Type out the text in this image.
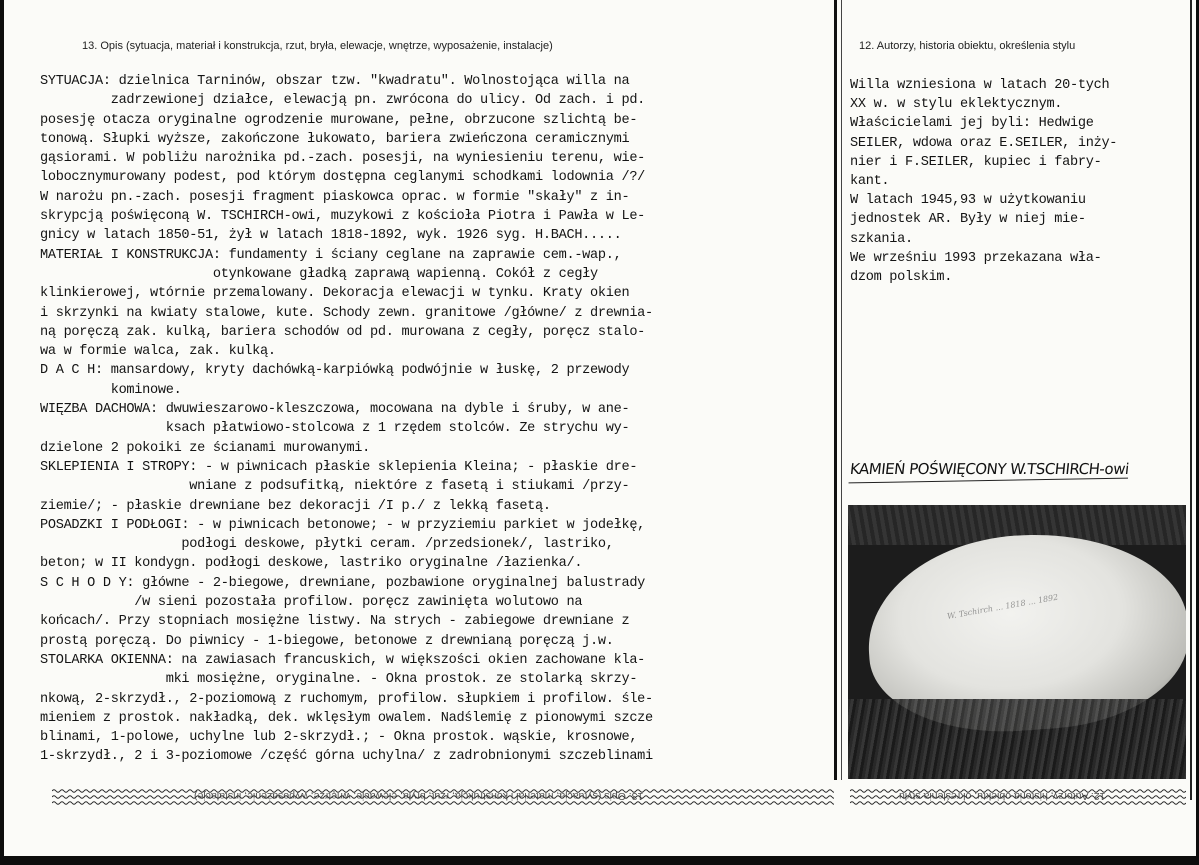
13. Opis (sytuacja, materiał i konstrukcja, rzut, bryła, elewacje, wnętrze, wyposażenie, instalacje)	12. Autorzy, historia obiektu, określenia stylu
SYTUACJA: dzielnica Tarninów, obszar tzw. "kwadratu". Wolnostojąca willa na
zadrzewionej działce, elewacją pn. zwrócona do ulicy. Od zach. i pd.
posesję otacza oryginalne ogrodzenie murowane, pełne, obrzucone szlichtą be-
tonową. Słupki wyższe, zakończone łukowato, bariera zwieńczona ceramicznymi
gąsiorami. W pobliżu narożnika pd.-zach. posesji, na wyniesieniu terenu, wie-
lobocznymurowany podest, pod którym dostępna ceglanymi schodkami lodownia /?/
W narożu pn.-zach. posesji fragment piaskowca oprac. w formie "skały" z in-
skrypcją poświęconą W. TSCHIRCH-owi, muzykowi z kościoła Piotra i Pawła w Le-
gnicy w latach 1850-51, żył w latach 1818-1892, wyk. 1926 syg. H.BACH.....
MATERIAŁ I KONSTRUKCJA: fundamenty i ściany ceglane na zaprawie cem.-wap.,
otynkowane gładką zaprawą wapienną. Cokół z cegły
klinkierowej, wtórnie przemalowany. Dekoracja elewacji w tynku. Kraty okien
i skrzynki na kwiaty stalowe, kute. Schody zewn. granitowe /główne/ z drewnia-
ną poręczą zak. kulką, bariera schodów od pd. murowana z cegły, poręcz stalo-
wa w formie walca, zak. kulką.
D A C H: mansardowy, kryty dachówką-karpiówką podwójnie w łuskę, 2 przewody
kominowe.
WIĘZBA DACHOWA: dwuwieszarowo-kleszczowa, mocowana na dyble i śruby, w ane-
ksach płatwiowo-stolcowa z 1 rzędem stolców. Ze strychu wy-
dzielone 2 pokoiki ze ścianami murowanymi.
SKLEPIENIA I STROPY: - w piwnicach płaskie sklepienia Kleina; - płaskie dre-
wniane z podsufitką, niektóre z fasetą i stiukami /przy-
ziemie/; - płaskie drewniane bez dekoracji /I p./ z lekką fasetą.
POSADZKI I PODŁOGI: - w piwnicach betonowe; - w przyziemiu parkiet w jodełkę,
podłogi deskowe, płytki ceram. /przedsionek/, lastriko,
beton; w II kondygn. podłogi deskowe, lastriko oryginalne /łazienka/.
S C H O D Y: główne - 2-biegowe, drewniane, pozbawione oryginalnej balustrady
/w sieni pozostała profilow. poręcz zawinięta wolutowo na
końcach/. Przy stopniach mosiężne listwy. Na strych - zabiegowe drewniane z
prostą poręczą. Do piwnicy - 1-biegowe, betonowe z drewnianą poręczą j.w.
STOLARKA OKIENNA: na zawiasach francuskich, w większości okien zachowane kla-
mki mosiężne, oryginalne. - Okna prostok. ze stolarką skrzy-
nkową, 2-skrzydł., 2-poziomową z ruchomym, profilow. słupkiem i profilow. śle-
mieniem z prostok. nakładką, dek. wklęsłym owalem. Nadślemię z pionowymi szcze
blinami, 1-polowe, uchylne lub 2-skrzydł.; - Okna prostok. wąskie, krosnowe,
1-skrzydł., 2 i 3-poziomowe /część górna uchylna/ z zadrobnionymi szczeblinami
Willa wzniesiona w latach 20-tych
XX w. w stylu eklektycznym.
Właścicielami jej byli: Hedwige
SEILER, wdowa oraz E.SEILER, inży-
nier i F.SEILER, kupiec i fabry-
kant.
W latach 1945,93 w użytkowaniu
jednostek AR. Były w niej mie-
szkania.
We wrześniu 1993 przekazana wła-
dzom polskim.
KAMIEŃ POŚWIĘCONY W.TSCHIRCH-owi
W. Tschirch ... 1818 ... 1892
13. Opis (sytuacja, materiał i konstrukcja, rzut, bryła, elewacje, wnętrze, wyposażenie, instalacje)	12. Autorzy, historia obiektu, określenia stylu
